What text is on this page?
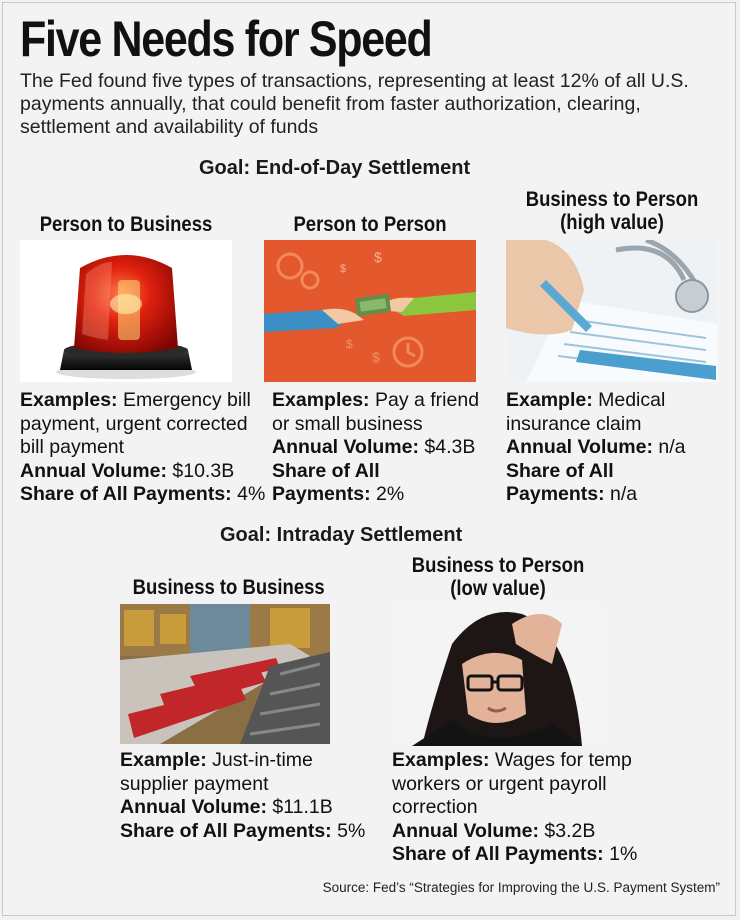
Five Needs for Speed
The Fed found five types of transactions, representing at least 12% of all U.S. payments annually, that could benefit from faster authorization, clearing, settlement and availability of funds
Goal: End-of-Day Settlement
Person to Business
Examples: Emergency bill
payment, urgent corrected
bill payment
Annual Volume: $10.3B
Share of All Payments: 4%
Person to Person
$
$
$
$
Examples: Pay a friend
or small business
Annual Volume: $4.3B
Share of All
Payments: 2%
Business to Person
(high value)
Example: Medical
insurance claim
Annual Volume: n/a
Share of All
Payments: n/a
Goal: Intraday Settlement
Business to Business
Example: Just-in-time
supplier payment
Annual Volume: $11.1B
Share of All Payments: 5%
Business to Person
(low value)
Examples: Wages for temp
workers or urgent payroll
correction
Annual Volume: $3.2B
Share of All Payments: 1%
Source: Fed’s “Strategies for Improving the U.S. Payment System”
